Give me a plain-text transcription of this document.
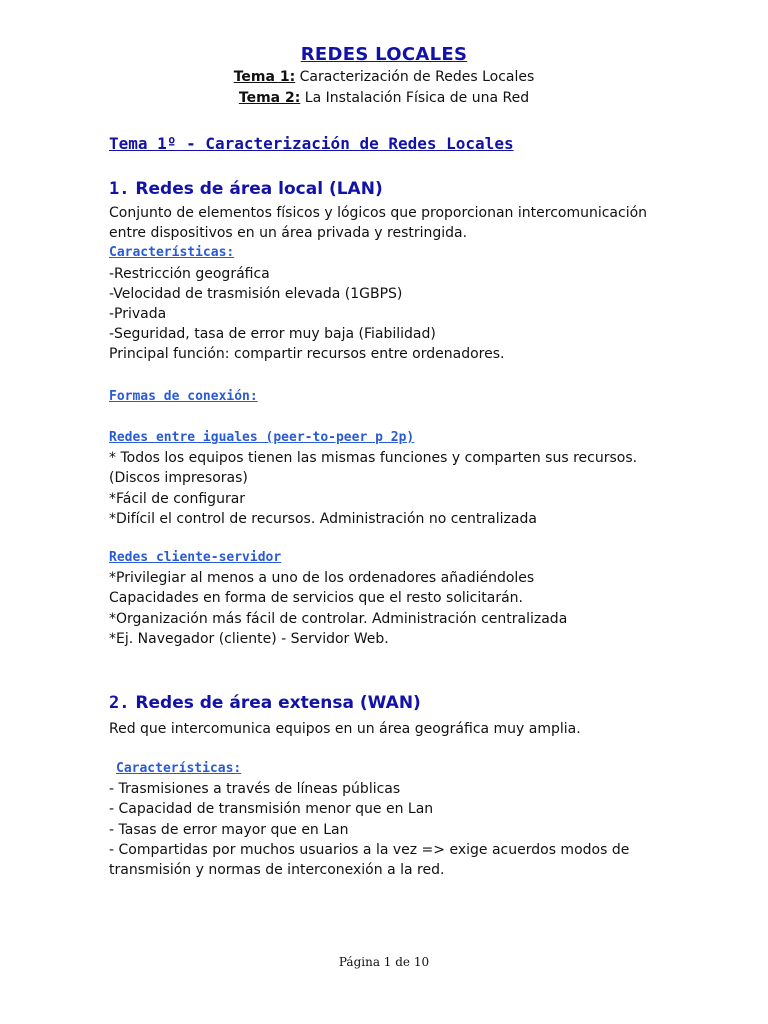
REDES LOCALES
Tema 1: Caracterización de Redes Locales
Tema 2: La Instalación Física de una Red
Tema 1º - Caracterización de Redes Locales
1. Redes de área local (LAN)

Conjunto de elementos físicos y lógicos que proporcionan intercomunicación

entre dispositivos en un área privada y restringida.

Características:

-Restricción geográfica

-Velocidad de trasmisión elevada (1GBPS)

-Privada

-Seguridad, tasa de error muy baja (Fiabilidad)

Principal función: compartir recursos entre ordenadores.

Formas de conexión:
Redes entre iguales (peer-to-peer p 2p)

* Todos los equipos tienen las mismas funciones y comparten sus recursos.

(Discos impresoras)

*Fácil de configurar

*Difícil el control de recursos. Administración no centralizada

Redes cliente-servidor

*Privilegiar al menos a uno de los ordenadores añadiéndoles

Capacidades en forma de servicios que el resto solicitarán.

*Organización más fácil de controlar. Administración centralizada

*Ej. Navegador (cliente) - Servidor Web.

2. Redes de área extensa (WAN)

Red que intercomunica equipos en un área geográfica muy amplia.

Características:

- Trasmisiones a través de líneas públicas

- Capacidad de transmisión menor que en Lan

- Tasas de error mayor que en Lan

- Compartidas por muchos usuarios a la vez => exige acuerdos modos de

transmisión y normas de interconexión a la red.

Página 1 de 10
